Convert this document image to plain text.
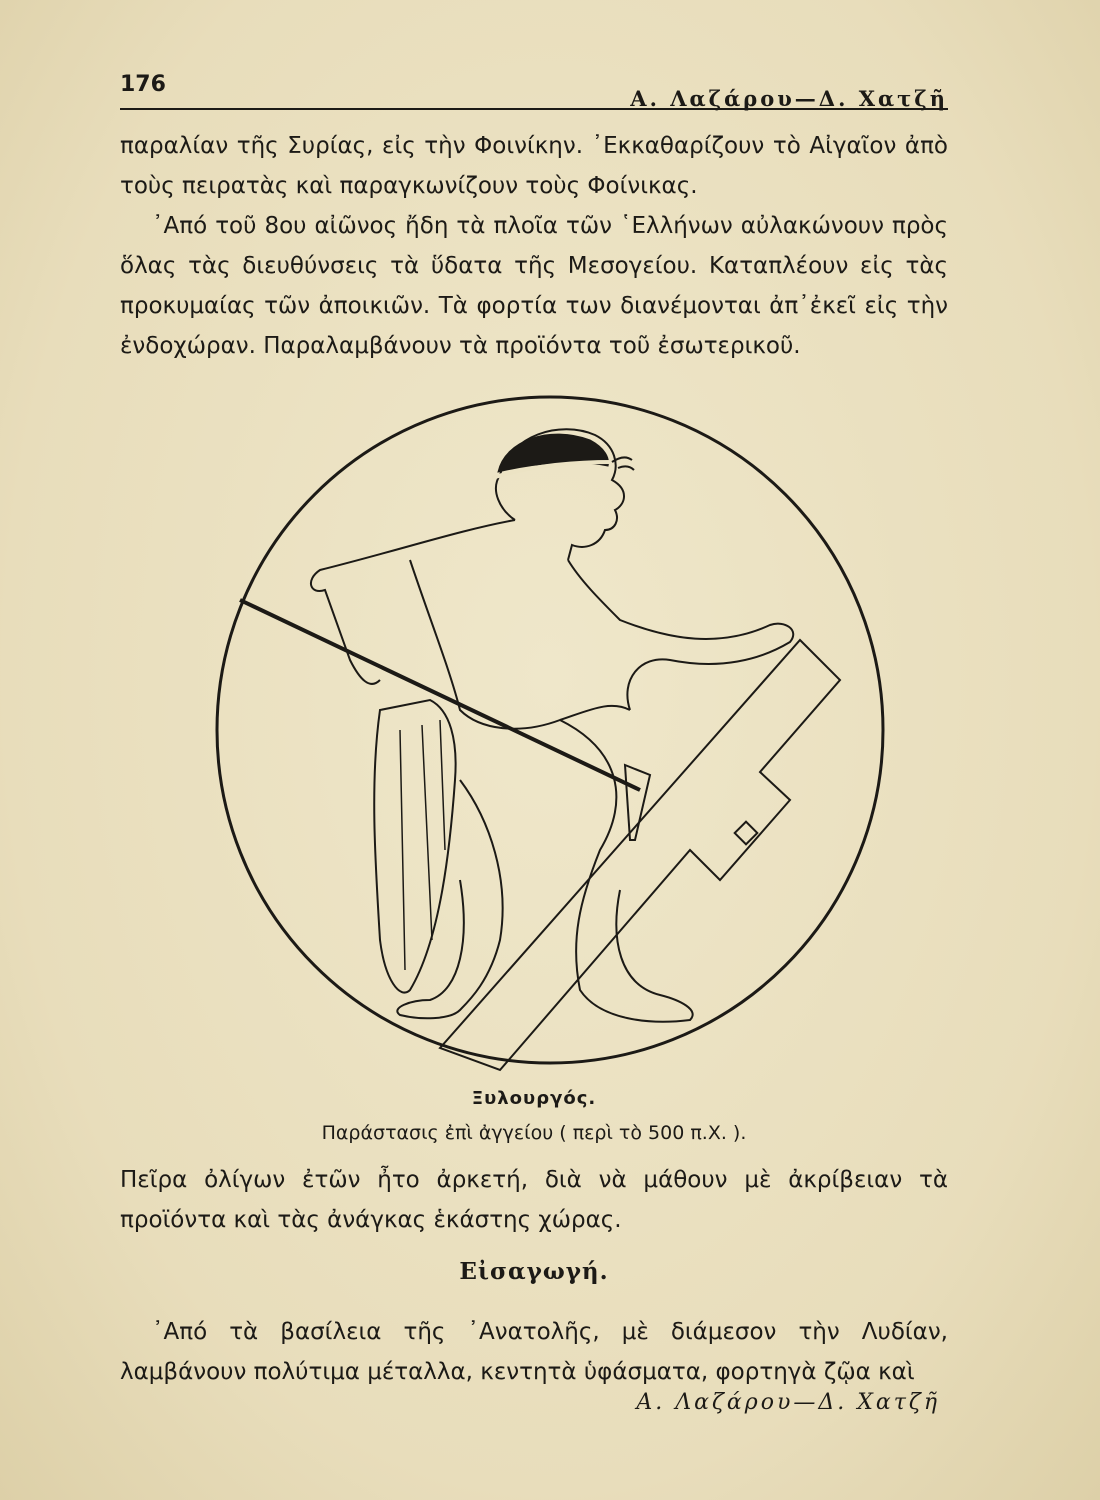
176
Α. Λαζάρου—Δ. Χατζῆ

παραλίαν τῆς Συρίας, εἰς τὴν Φοινίκην. ᾿Εκκαθαρίζουν τὸ Αἰγαῖον ἀπὸ τοὺς πειρατὰς καὶ παραγκωνίζουν τοὺς Φοίνικας.

᾿Από τοῦ 8ου αἰῶνος ἤδη τὰ πλοῖα τῶν ῾Ελλήνων αὐλακώνουν πρὸς ὅλας τὰς διευθύνσεις τὰ ὕδατα τῆς Μεσογείου. Καταπλέουν εἰς τὰς προκυμαίας τῶν ἀποικιῶν. Τὰ φορτία των διανέμονται ἀπ᾿ἐκεῖ εἰς τὴν ἐνδοχώραν. Παραλαμβάνουν τὰ προϊόντα τοῦ ἐσωτερικοῦ.

Ξυλουργός.
Παράστασις ἐπὶ ἀγγείου ( περὶ τὸ 500 π.Χ. ).

Πεῖρα ὀλίγων ἐτῶν ἦτο ἀρκετή, διὰ νὰ μάθουν μὲ ἀκρίβειαν τὰ προϊόντα καὶ τὰς ἀνάγκας ἑκάστης χώρας.

Εἰσαγωγή.

᾿Από τὰ βασίλεια τῆς ᾿Ανατολῆς, μὲ διάμεσον τὴν Λυδίαν, λαμβάνουν πολύτιμα μέταλλα, κεντητὰ ὑφάσματα, φορτηγὰ ζῷα καὶ

Α. Λαζάρου—Δ. Χατζῆ
